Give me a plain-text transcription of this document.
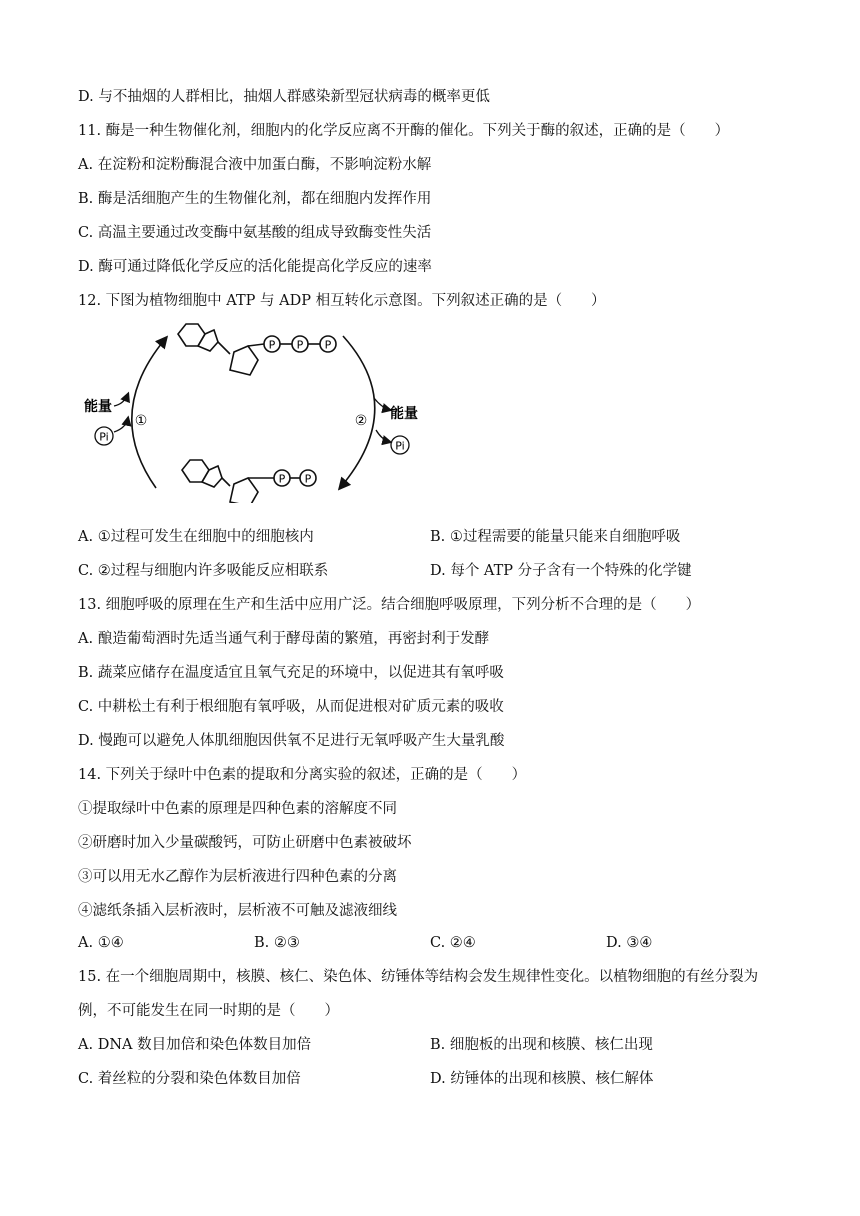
D. 与不抽烟的人群相比，抽烟人群感染新型冠状病毒的概率更低
11. 酶是一种生物催化剂，细胞内的化学反应离不开酶的催化。下列关于酶的叙述，正确的是（　　）
A. 在淀粉和淀粉酶混合液中加蛋白酶，不影响淀粉水解
B. 酶是活细胞产生的生物催化剂，都在细胞内发挥作用
C. 高温主要通过改变酶中氨基酸的组成导致酶变性失活
D. 酶可通过降低化学反应的活化能提高化学反应的速率
12. 下图为植物细胞中 ATP 与 ADP 相互转化示意图。下列叙述正确的是（　　）
P P P
P P
能量
Pi
①	② 能量
Pi
A. ①过程可发生在细胞中的细胞核内	B. ①过程需要的能量只能来自细胞呼吸
C. ②过程与细胞内许多吸能反应相联系	D. 每个 ATP 分子含有一个特殊的化学键
13. 细胞呼吸的原理在生产和生活中应用广泛。结合细胞呼吸原理，下列分析不合理的是（　　）
A. 酿造葡萄酒时先适当通气利于酵母菌的繁殖，再密封利于发酵
B. 蔬菜应储存在温度适宜且氧气充足的环境中，以促进其有氧呼吸
C. 中耕松土有利于根细胞有氧呼吸，从而促进根对矿质元素的吸收
D. 慢跑可以避免人体肌细胞因供氧不足进行无氧呼吸产生大量乳酸
14. 下列关于绿叶中色素的提取和分离实验的叙述，正确的是（　　）
①提取绿叶中色素的原理是四种色素的溶解度不同
②研磨时加入少量碳酸钙，可防止研磨中色素被破坏
③可以用无水乙醇作为层析液进行四种色素的分离
④滤纸条插入层析液时，层析液不可触及滤液细线
A. ①④	B. ②③	C. ②④	D. ③④
15. 在一个细胞周期中，核膜、核仁、染色体、纺锤体等结构会发生规律性变化。以植物细胞的有丝分裂为
例，不可能发生在同一时期的是（　　）
A. DNA 数目加倍和染色体数目加倍	B. 细胞板的出现和核膜、核仁出现
C. 着丝粒的分裂和染色体数目加倍	D. 纺锤体的出现和核膜、核仁解体
